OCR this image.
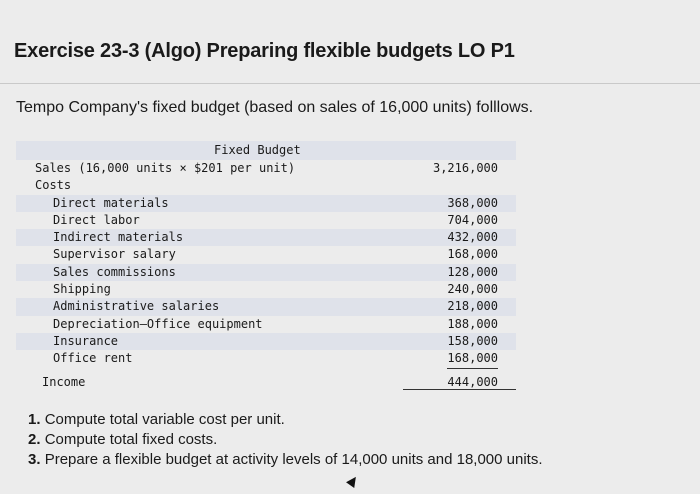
Exercise 23-3 (Algo) Preparing flexible budgets LO P1
Tempo Company's fixed budget (based on sales of 16,000 units) folllows.
Fixed Budget
Sales (16,000 units × $201 per unit)	3,216,000
Costs
Direct materials	368,000
Direct labor	704,000
Indirect materials	432,000
Supervisor salary	168,000
Sales commissions	128,000
Shipping	240,000
Administrative salaries	218,000
Depreciation—Office equipment	188,000
Insurance	158,000
Office rent	168,000
Income	444,000
1. Compute total variable cost per unit.
2. Compute total fixed costs.
3. Prepare a flexible budget at activity levels of 14,000 units and 18,000 units.
